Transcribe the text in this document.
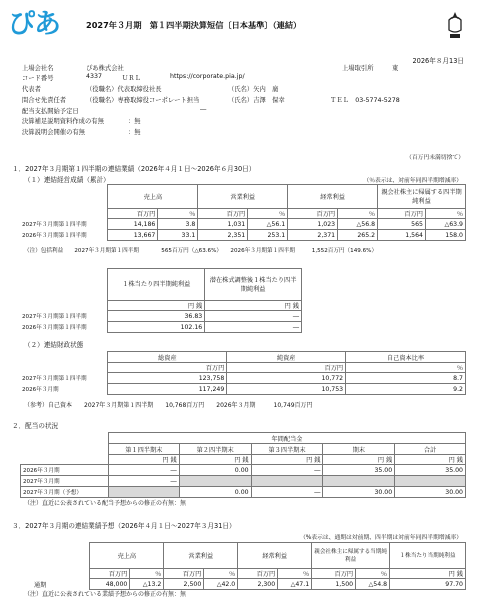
ぴあ	2027年３月期　第１四半期決算短信〔日本基準〕（連結）
2026年８月13日
上場会社名	ぴあ株式会社	上場取引所	東
コード番号	4337	ＵＲＬ	https://corporate.pia.jp/
代表者	（役職名）代表取締役社長	（氏名）矢内　廣
問合せ先責任者	（役職名）専務取締役コーポレート担当	（氏名）吉澤　保幸	ＴＥＬ　03-5774-5278
配当支払開始予定日	―
決算補足説明資料作成の有無	：無
決算説明会開催の有無	：無
（百万円未満切捨て）
１．2027年３月期第１四半期の連結業績（2026年４月１日～2026年６月30日）
（１）連結経営成績（累計）	（％表示は、対前年同四半期増減率）
	売上高		営業利益		経常利益		親会社株主に帰属する四半期純利益	
	百万円	％	百万円	％	百万円	％	百万円	％
2027年３月期第１四半期	14,186	3.8	1,031	△56.1	1,023	△56.8	565	△63.9
2026年３月期第１四半期	13,667	33.1	2,351	253.1	2,371	265.2	1,564	158.0
（注）包括利益　　2027年３月期第１四半期　　　　565百万円（△63.6%）　　2026年３月期第１四半期　　　1,552百万円（149.6%）
	１株当たり四半期純利益	潜在株式調整後１株当たり四半期純利益
	円 銭	円 銭
2027年３月期第１四半期	36.83	―
2026年３月期第１四半期	102.16	―
（２）連結財政状態
	総資産	純資産	自己資本比率
	百万円	百万円	％
2027年３月期第１四半期	123,758	10,772	8.7
2026年３月期	117,249	10,753	9.2
（参考）自己資本　　2027年３月期第１四半期　　10,768百万円　　2026年３月期　　　10,749百万円
２．配当の状況
	年間配当金				
	第１四半期末	第２四半期末	第３四半期末	期末	合計
	円 銭	円 銭	円 銭	円 銭	円 銭
2026年３月期	―	0.00	―	35.00	35.00
2027年３月期	―				
2027年３月期（予想）		0.00	―	30.00	30.00
（注）直近に公表されている配当予想からの修正の有無：無
３．2027年３月期の連結業績予想（2026年４月１日～2027年３月31日）
（%表示は、通期は対前期、四半期は対前年同四半期増減率）
	売上高		営業利益		経常利益		親会社株主に帰属する当期純利益		１株当たり当期純利益
	百万円	％	百万円	％	百万円	％	百万円	％	円 銭
通期	48,000	△13.2	2,500	△42.0	2,300	△47.1	1,500	△54.8	97.70
（注）直近に公表されている業績予想からの修正の有無：無
